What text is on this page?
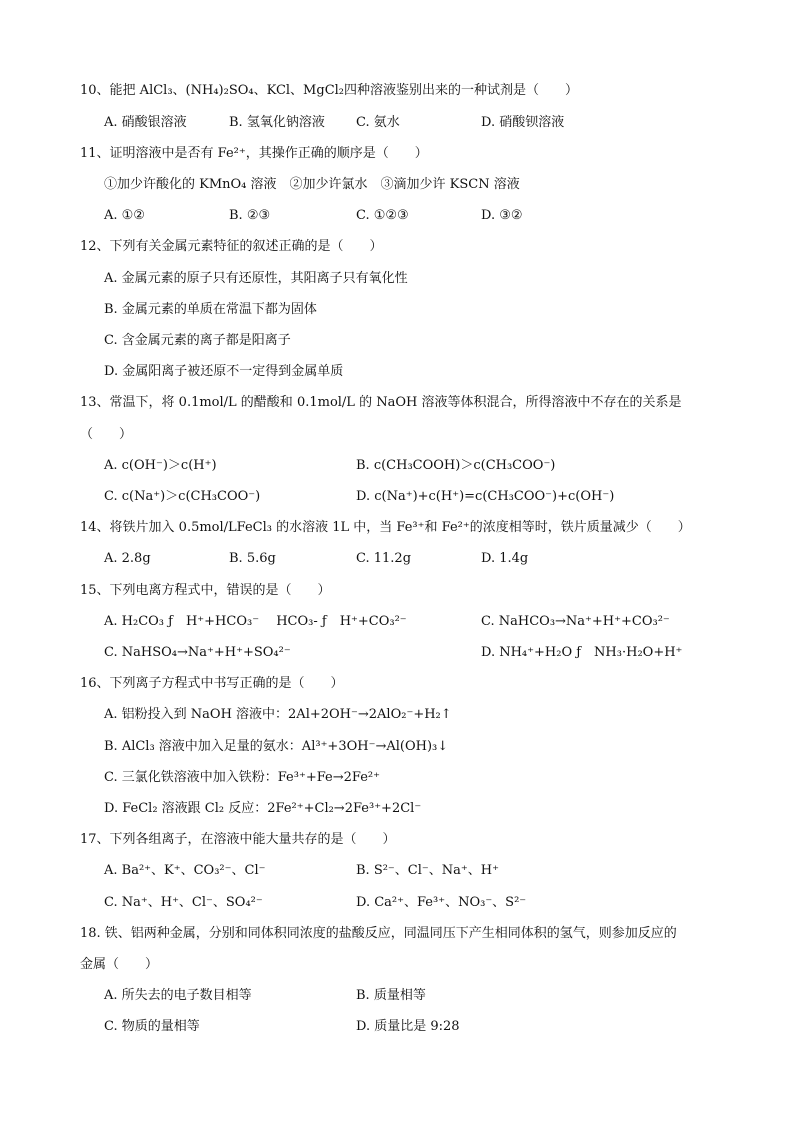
10、能把 AlCl₃、(NH₄)₂SO₄、KCl、MgCl₂四种溶液鉴别出来的一种试剂是（　　）
A. 硝酸银溶液	B. 氢氧化钠溶液 C. 氨水	D. 硝酸钡溶液
11、证明溶液中是否有 Fe²⁺，其操作正确的顺序是（　　）
①加少许酸化的 KMnO₄ 溶液　②加少许氯水　③滴加少许 KSCN 溶液
A. ①②	B. ②③	C. ①②③	D. ③②
12、下列有关金属元素特征的叙述正确的是（　　）
A. 金属元素的原子只有还原性，其阳离子只有氧化性
B. 金属元素的单质在常温下都为固体
C. 含金属元素的离子都是阳离子
D. 金属阳离子被还原不一定得到金属单质
13、常温下，将 0.1mol/L 的醋酸和 0.1mol/L 的 NaOH 溶液等体积混合，所得溶液中不存在的关系是
（　　）
A. c(OH⁻)＞c(H⁺)	B. c(CH₃COOH)＞c(CH₃COO⁻)
C. c(Na⁺)＞c(CH₃COO⁻)	D. c(Na⁺)+c(H⁺)=c(CH₃COO⁻)+c(OH⁻)
14、将铁片加入 0.5mol/LFeCl₃ 的水溶液 1L 中，当 Fe³⁺和 Fe²⁺的浓度相等时，铁片质量减少（　　）
A. 2.8g	B. 5.6g	C. 11.2g	D. 1.4g
15、下列电离方程式中，错误的是（　　）
A. H₂CO₃ ƒ　H⁺+HCO₃⁻　 HCO₃- ƒ　H⁺+CO₃²⁻	C. NaHCO₃→Na⁺+H⁺+CO₃²⁻
C. NaHSO₄→Na⁺+H⁺+SO₄²⁻	D. NH₄⁺+H₂O ƒ　NH₃·H₂O+H⁺
16、下列离子方程式中书写正确的是（　　）
A. 铝粉投入到 NaOH 溶液中：2Al+2OH⁻→2AlO₂⁻+H₂↑
B. AlCl₃ 溶液中加入足量的氨水：Al³⁺+3OH⁻→Al(OH)₃↓
C. 三氯化铁溶液中加入铁粉：Fe³⁺+Fe→2Fe²⁺
D. FeCl₂ 溶液跟 Cl₂ 反应：2Fe²⁺+Cl₂→2Fe³⁺+2Cl⁻
17、下列各组离子，在溶液中能大量共存的是（　　）
A. Ba²⁺、K⁺、CO₃²⁻、Cl⁻	B. S²⁻、Cl⁻、Na⁺、H⁺
C. Na⁺、H⁺、Cl⁻、SO₄²⁻	D. Ca²⁺、Fe³⁺、NO₃⁻、S²⁻
18. 铁、铝两种金属，分别和同体积同浓度的盐酸反应，同温同压下产生相同体积的氢气，则参加反应的
金属（　　）
A. 所失去的电子数目相等	B. 质量相等
C. 物质的量相等	D. 质量比是 9:28
